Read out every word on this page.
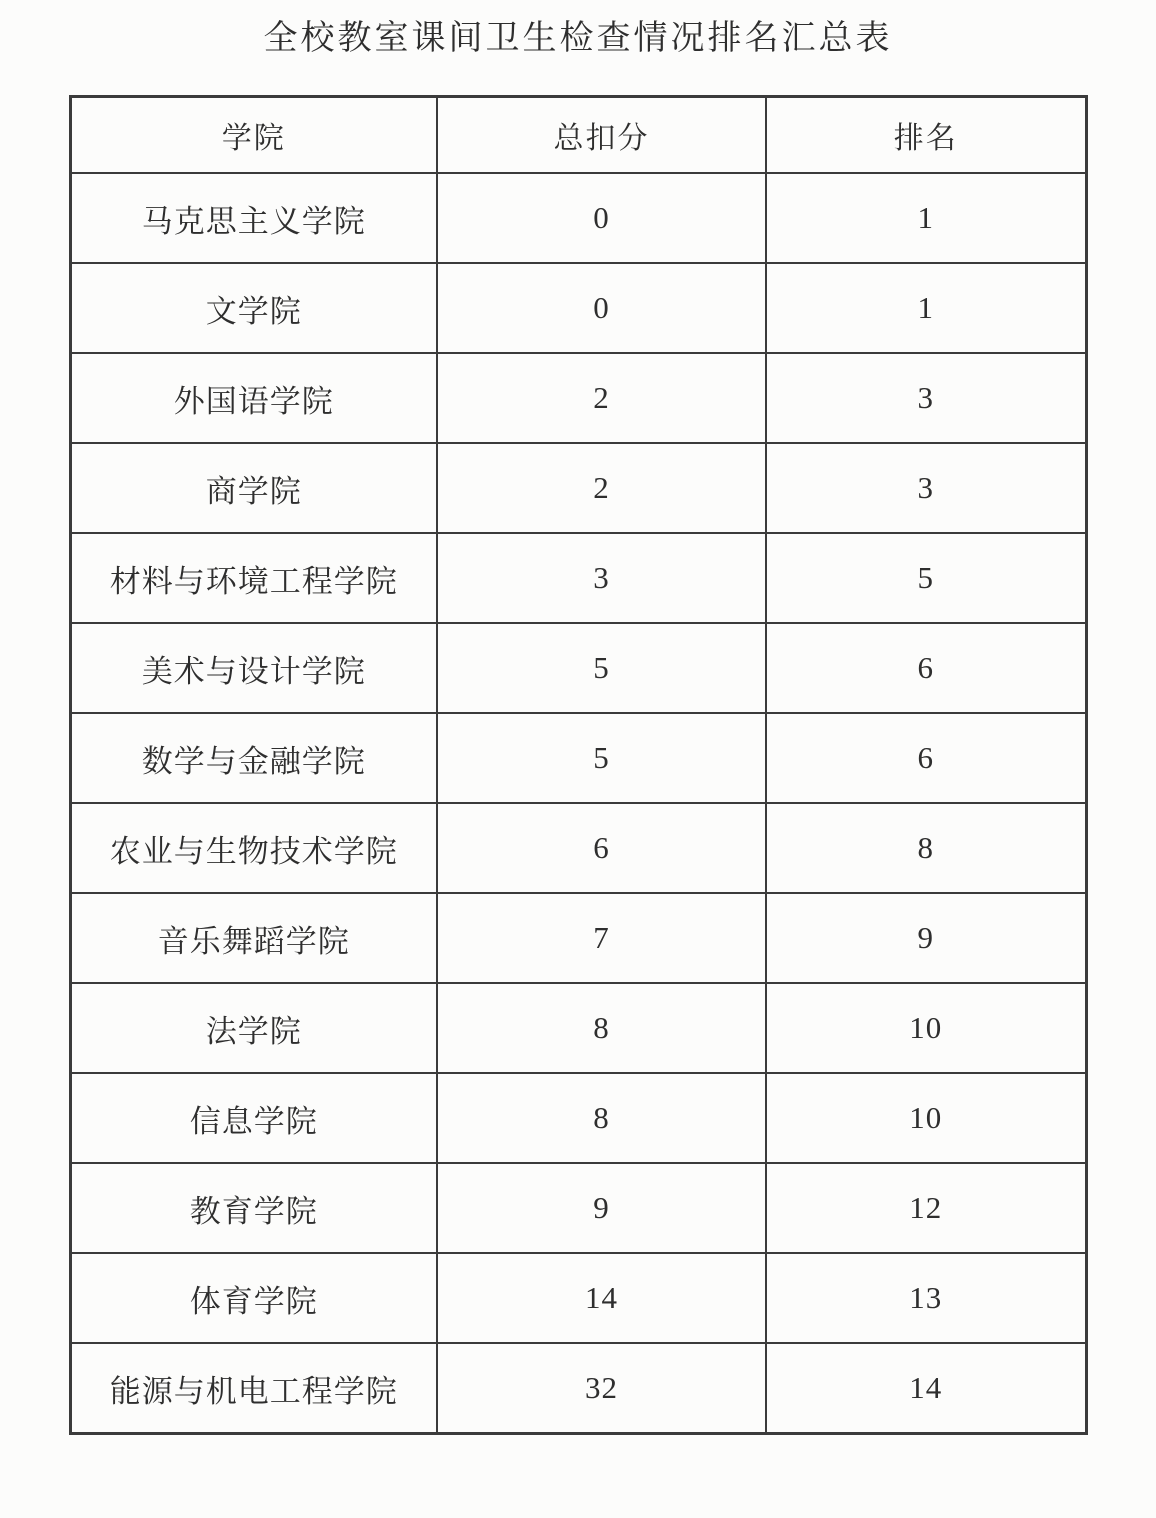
全校教室课间卫生检查情况排名汇总表
学院	总扣分	排名
马克思主义学院	0	1
文学院	0	1
外国语学院	2	3
商学院	2	3
材料与环境工程学院	3	5
美术与设计学院	5	6
数学与金融学院	5	6
农业与生物技术学院	6	8
音乐舞蹈学院	7	9
法学院	8	10
信息学院	8	10
教育学院	9	12
体育学院	14	13
能源与机电工程学院	32	14
